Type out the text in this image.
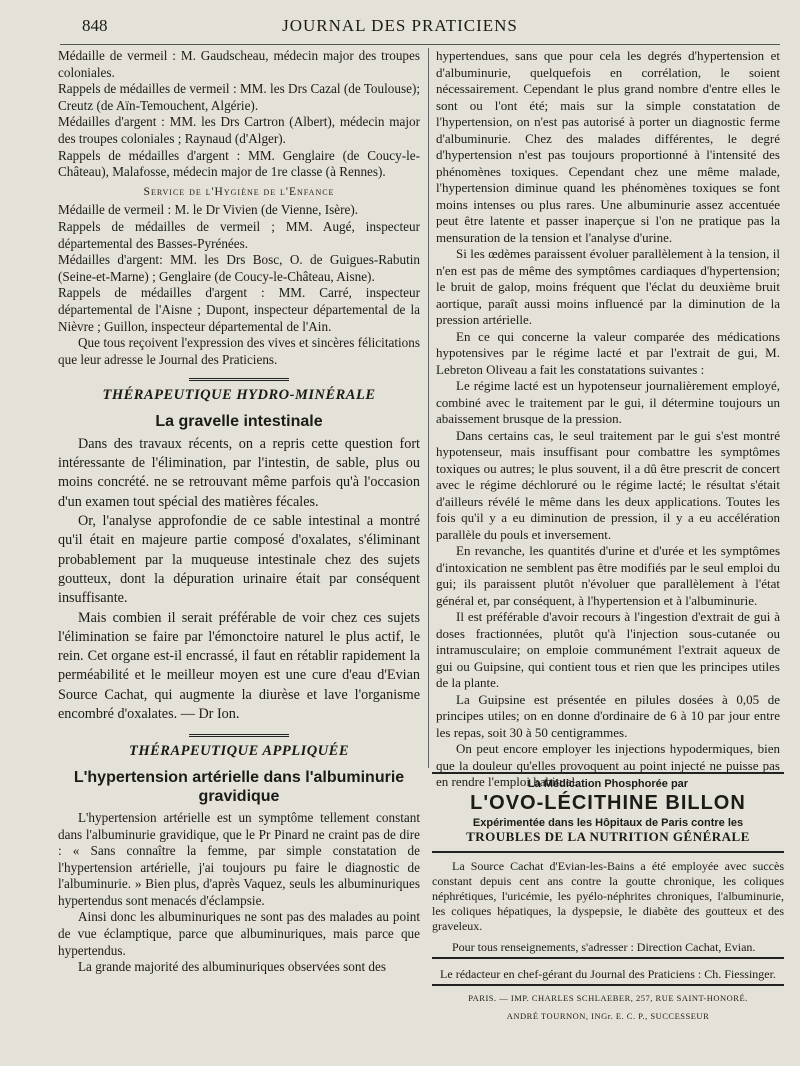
848	JOURNAL DES PRATICIENS

Médaille de vermeil : M. Gaudscheau, médecin major des troupes coloniales.

Rappels de médailles de vermeil : MM. les Drs Cazal (de Toulouse); Creutz (de Aïn-Temouchent, Algérie).

Médailles d'argent : MM. les Drs Cartron (Albert), médecin major des troupes coloniales ; Raynaud (d'Alger).

Rappels de médailles d'argent : MM. Genglaire (de Coucy-le-Château), Malafosse, médecin major de 1re classe (à Rennes).

Service de l'Hygiène de l'Enfance

Médaille de vermeil : M. le Dr Vivien (de Vienne, Isère).

Rappels de médailles de vermeil ; MM. Augé, inspecteur départemental des Basses-Pyrénées.

Médailles d'argent: MM. les Drs Bosc, O. de Guigues-Rabutin (Seine-et-Marne) ; Genglaire (de Coucy-le-Château, Aisne).

Rappels de médailles d'argent : MM. Carré, inspecteur départemental de l'Aisne ; Dupont, inspecteur départemental de la Nièvre ; Guillon, inspecteur départemental de l'Ain.

Que tous reçoivent l'expression des vives et sincères félicitations que leur adresse le Journal des Praticiens.

THÉRAPEUTIQUE HYDRO-MINÉRALE
La gravelle intestinale

Dans des travaux récents, on a repris cette question fort intéressante de l'élimination, par l'intestin, de sable, plus ou moins concrété. ne se retrouvant même parfois qu'à l'occasion d'un examen tout spécial des matières fécales.

Or, l'analyse approfondie de ce sable intestinal a montré qu'il était en majeure partie composé d'oxalates, s'éliminant probablement par la muqueuse intestinale chez des sujets goutteux, dont la dépuration urinaire était par conséquent insuffisante.

Mais combien il serait préférable de voir chez ces sujets l'élimination se faire par l'émonctoire naturel le plus actif, le rein. Cet organe est-il encrassé, il faut en rétablir rapidement la perméabilité et le meilleur moyen est une cure d'eau d'Evian Source Cachat, qui augmente la diurèse et lave l'organisme encombré d'oxalates. — Dr Ion.

THÉRAPEUTIQUE APPLIQUÉE
L'hypertension artérielle dans l'albuminurie gravidique

L'hypertension artérielle est un symptôme tellement constant dans l'albuminurie gravidique, que le Pr Pinard ne craint pas de dire : « Sans connaître la femme, par simple constatation de l'hypertension artérielle, j'ai toujours pu faire le diagnostic de l'albuminurie. » Bien plus, d'après Vaquez, seuls les albuminuriques hypertendus sont menacés d'éclampsie.

Ainsi donc les albuminuriques ne sont pas des malades au point de vue éclamptique, parce que albuminuriques, mais parce que hypertendus.

La grande majorité des albuminuriques observées sont des

hypertendues, sans que pour cela les degrés d'hypertension et d'albuminurie, quelquefois en corrélation, le soient nécessairement. Cependant le plus grand nombre d'entre elles le sont ou l'ont été; mais sur la simple constatation de l'hypertension, on n'est pas autorisé à porter un diagnostic ferme d'albuminurie. Chez des malades différentes, le degré d'hypertension n'est pas toujours proportionné à l'intensité des phénomènes toxiques. Cependant chez une même malade, l'hypertension diminue quand les phénomènes toxiques se font moins intenses ou plus rares. Une albuminurie assez accentuée peut être latente et passer inaperçue si l'on ne pratique pas la mensuration de la tension et l'analyse d'urine.

Si les œdèmes paraissent évoluer parallèlement à la tension, il n'en est pas de même des symptômes cardiaques d'hypertension; le bruit de galop, moins fréquent que l'éclat du deuxième bruit aortique, paraît aussi moins influencé par la diminution de la pression artérielle.

En ce qui concerne la valeur comparée des médications hypotensives par le régime lacté et par l'extrait de gui, M. Lebreton Oliveau a fait les constatations suivantes :

Le régime lacté est un hypotenseur journalièrement employé, combiné avec le traitement par le gui, il détermine toujours un abaissement brusque de la pression.

Dans certains cas, le seul traitement par le gui s'est montré hypotenseur, mais insuffisant pour combattre les symptômes toxiques ou autres; le plus souvent, il a dû être prescrit de concert avec le régime déchloruré ou le régime lacté; le résultat s'était d'ailleurs révélé le même dans les deux applications. Toutes les fois qu'il y a eu diminution de pression, il y a eu accélération parallèle du pouls et inversement.

En revanche, les quantités d'urine et d'urée et les symptômes d'intoxication ne semblent pas être modifiés par le seul emploi du gui; ils paraissent plutôt n'évoluer que parallèlement à l'état général et, par conséquent, à l'hypertension et à l'albuminurie.

Il est préférable d'avoir recours à l'ingestion d'extrait de gui à doses fractionnées, plutôt qu'à l'injection sous-cutanée ou intramusculaire; on emploie communément l'extrait aqueux de gui ou Guipsine, qui contient tous et rien que les principes utiles de la plante.

La Guipsine est présentée en pilules dosées à 0,05 de principes utiles; on en donne d'ordinaire de 6 à 10 par jour entre les repas, soit 30 à 50 centigrammes.

On peut encore employer les injections hypodermiques, bien que la douleur qu'elles provoquent au point injecté ne puisse pas en rendre l'emploi habituel.

La Médication Phosphorée par
L'OVO-LÉCITHINE BILLON
Expérimentée dans les Hôpitaux de Paris contre les
TROUBLES DE LA NUTRITION GÉNÉRALE

La Source Cachat d'Evian-les-Bains a été employée avec succès constant depuis cent ans contre la goutte chronique, les coliques néphrétiques, l'uricémie, les pyélo-néphrites chroniques, l'albuminurie, les coliques hépatiques, la dyspepsie, le diabète des goutteux et des graveleux.

Pour tous renseignements, s'adresser : Direction Cachat, Evian.

Le rédacteur en chef-gérant du Journal des Praticiens : Ch. Fiessinger.
PARIS. — IMP. CHARLES SCHLAEBER, 257, RUE SAINT-HONORÉ.
ANDRÉ TOURNON, INGr. E. C. P., SUCCESSEUR
